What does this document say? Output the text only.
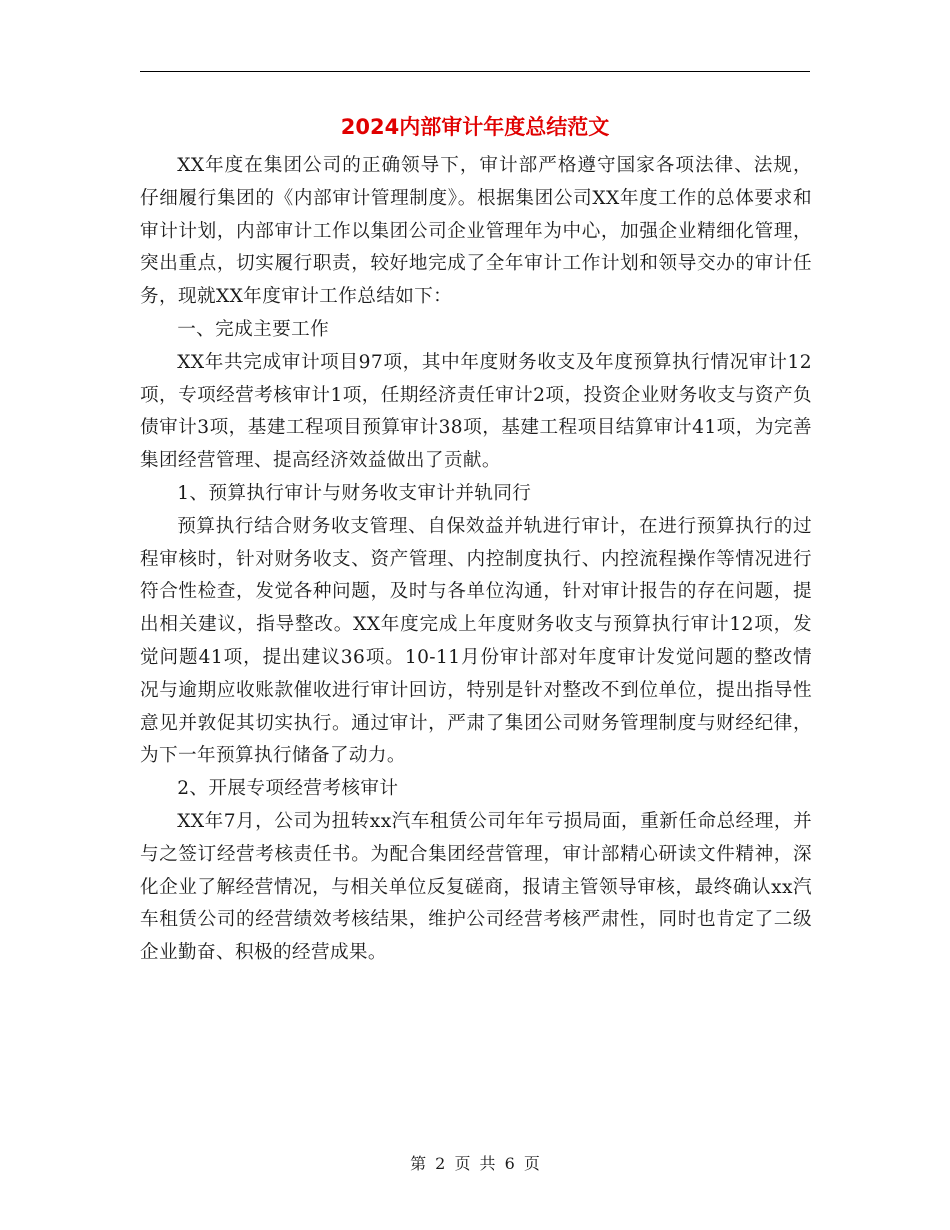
2024内部审计年度总结范文

XX年度在集团公司的正确领导下，审计部严格遵守国家各项法律、法规，仔细履行集团的《内部审计管理制度》。根据集团公司XX年度工作的总体要求和审计计划，内部审计工作以集团公司企业管理年为中心，加强企业精细化管理，突出重点，切实履行职责，较好地完成了全年审计工作计划和领导交办的审计任务，现就XX年度审计工作总结如下：

一、完成主要工作

XX年共完成审计项目97项，其中年度财务收支及年度预算执行情况审计12项，专项经营考核审计1项，任期经济责任审计2项，投资企业财务收支与资产负债审计3项，基建工程项目预算审计38项，基建工程项目结算审计41项，为完善集团经营管理、提高经济效益做出了贡献。

1、预算执行审计与财务收支审计并轨同行

预算执行结合财务收支管理、自保效益并轨进行审计，在进行预算执行的过程审核时，针对财务收支、资产管理、内控制度执行、内控流程操作等情况进行符合性检查，发觉各种问题，及时与各单位沟通，针对审计报告的存在问题，提出相关建议，指导整改。XX年度完成上年度财务收支与预算执行审计12项，发觉问题41项，提出建议36项。10-11月份审计部对年度审计发觉问题的整改情况与逾期应收账款催收进行审计回访，特别是针对整改不到位单位，提出指导性意见并敦促其切实执行。通过审计，严肃了集团公司财务管理制度与财经纪律，为下一年预算执行储备了动力。

2、开展专项经营考核审计

XX年7月，公司为扭转xx汽车租赁公司年年亏损局面，重新任命总经理，并与之签订经营考核责任书。为配合集团经营管理，审计部精心研读文件精神，深化企业了解经营情况，与相关单位反复磋商，报请主管领导审核，最终确认xx汽车租赁公司的经营绩效考核结果，维护公司经营考核严肃性，同时也肯定了二级企业勤奋、积极的经营成果。

第 2 页 共 6 页
